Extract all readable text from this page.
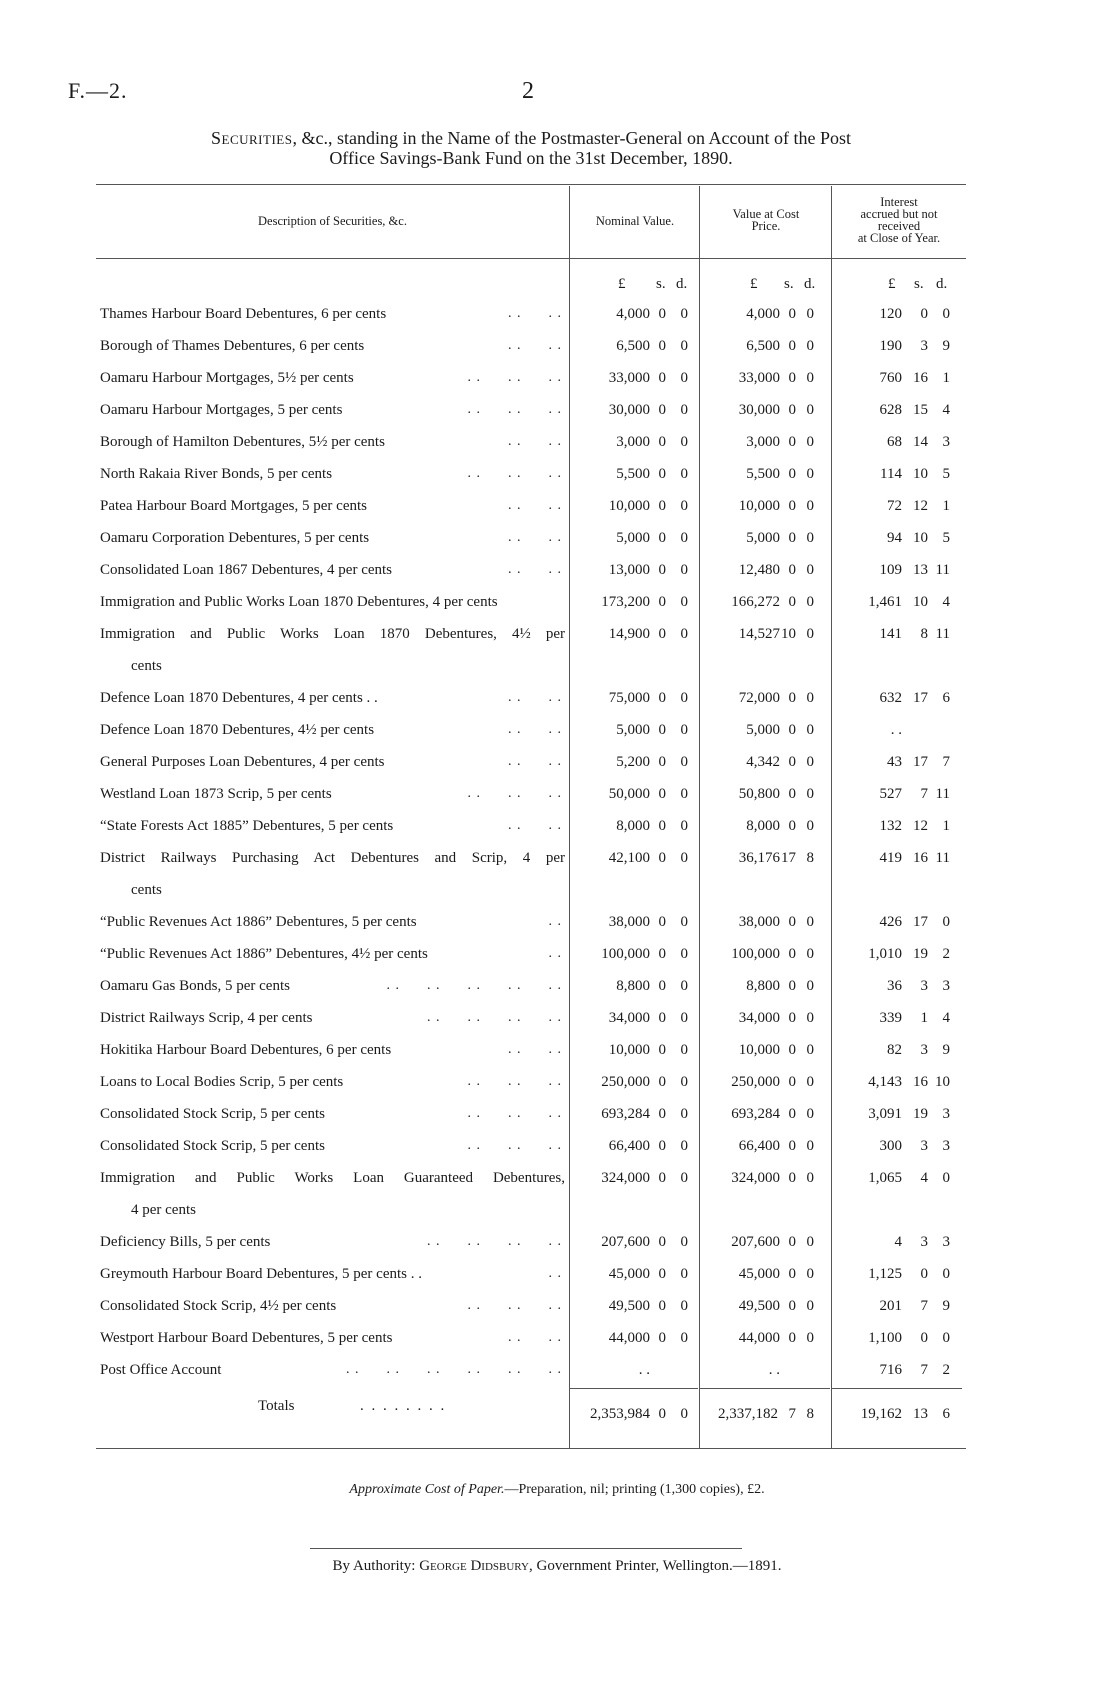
F.—2.	2
Securities, &c., standing in the Name of the Postmaster-General on Account of the Post
Office Savings-Bank Fund on the 31st December, 1890.
Description of Securities, &c.	Nominal Value.	Value at Cost
Price.
Interest
accrued but not
received
at Close of Year.
£ s. d.	£ s. d.	£ s. d.
Thames Harbour Board Debentures, 6 per cents	4,000 0 0	4,000 0 0	120	0 0
. .      . .
Borough of Thames Debentures, 6 per cents	6,500 0 0	6,500 0 0	190	3 9
. .      . .
Oamaru Harbour Mortgages, 5½ per cents	33,000 0 0	33,000 0 0	760 16 1
. .      . .      . .
Oamaru Harbour Mortgages, 5 per cents	30,000 0 0	30,000 0 0	628 15 4
. .      . .      . .
Borough of Hamilton Debentures, 5½ per cents	3,000 0 0	3,000 0 0	68 14 3
. .      . .
North Rakaia River Bonds, 5 per cents	5,500 0 0	5,500 0 0	114 10 5
. .      . .      . .
Patea Harbour Board Mortgages, 5 per cents	10,000 0 0	10,000 0 0	72 12 1
. .      . .
Oamaru Corporation Debentures, 5 per cents	5,000 0 0	5,000 0 0	94 10 5
. .      . .
Consolidated Loan 1867 Debentures, 4 per cents	13,000 0 0	12,480 0 0	109 13 11
. .      . .
Immigration and Public Works Loan 1870 Debentures, 4 per cents	173,200 0 0	166,272 0 0	1,461 10 4
Immigration and Public Works Loan 1870 Debentures, 4½ per	14,900 0 0	14,527 10 0	141	8 11
cents
Defence Loan 1870 Debentures, 4 per cents . .	75,000 0 0	72,000 0 0	632 17 6
. .      . .
Defence Loan 1870 Debentures, 4½ per cents	5,000 0 0	5,000 0 0	. .
. .      . .
General Purposes Loan Debentures, 4 per cents	5,200 0 0	4,342 0 0	43 17 7
. .      . .
Westland Loan 1873 Scrip, 5 per cents	50,000 0 0	50,800 0 0	527	7 11
. .      . .      . .
“State Forests Act 1885” Debentures, 5 per cents	8,000 0 0	8,000 0 0	132 12 1
. .      . .
District Railways Purchasing Act Debentures and Scrip, 4 per	42,100 0 0	36,176 17 8	419 16 11
cents
“Public Revenues Act 1886” Debentures, 5 per cents	38,000 0 0	38,000 0 0	426 17 0
. .
“Public Revenues Act 1886” Debentures, 4½ per cents	100,000 0 0	100,000 0 0	1,010 19 2
. .
Oamaru Gas Bonds, 5 per cents	8,800 0 0	8,800 0 0	36	3 3
. .      . .      . .      . .      . .
District Railways Scrip, 4 per cents	34,000 0 0	34,000 0 0	339	1 4
. .      . .      . .      . .
Hokitika Harbour Board Debentures, 6 per cents	10,000 0 0	10,000 0 0	82	3 9
. .      . .
Loans to Local Bodies Scrip, 5 per cents	250,000 0 0	250,000 0 0	4,143 16 10
. .      . .      . .
Consolidated Stock Scrip, 5 per cents	693,284 0 0	693,284 0 0	3,091 19 3
. .      . .      . .
Consolidated Stock Scrip, 5 per cents	66,400 0 0	66,400 0 0	300	3 3
. .      . .      . .
Immigration and Public Works Loan Guaranteed Debentures,	324,000 0 0	324,000 0 0	1,065	4 0
4 per cents
Deficiency Bills, 5 per cents	207,600 0 0	207,600 0 0	4	3 3
. .      . .      . .      . .
Greymouth Harbour Board Debentures, 5 per cents . .	45,000 0 0	45,000 0 0	1,125	0 0
. .
Consolidated Stock Scrip, 4½ per cents	49,500 0 0	49,500 0 0	201	7 9
. .      . .      . .
Westport Harbour Board Debentures, 5 per cents	44,000 0 0	44,000 0 0	1,100	0 0
. .      . .
Post Office Account	. .	. .	716	7 2
. .      . .      . .      . .      . .      . .
Totals	. . . . . . . .	2,353,984 0 0	2,337,182 7 8	19,162 13 6
Approximate Cost of Paper.—Preparation, nil; printing (1,300 copies), £2.
By Authority: George Didsbury, Government Printer, Wellington.—1891.
